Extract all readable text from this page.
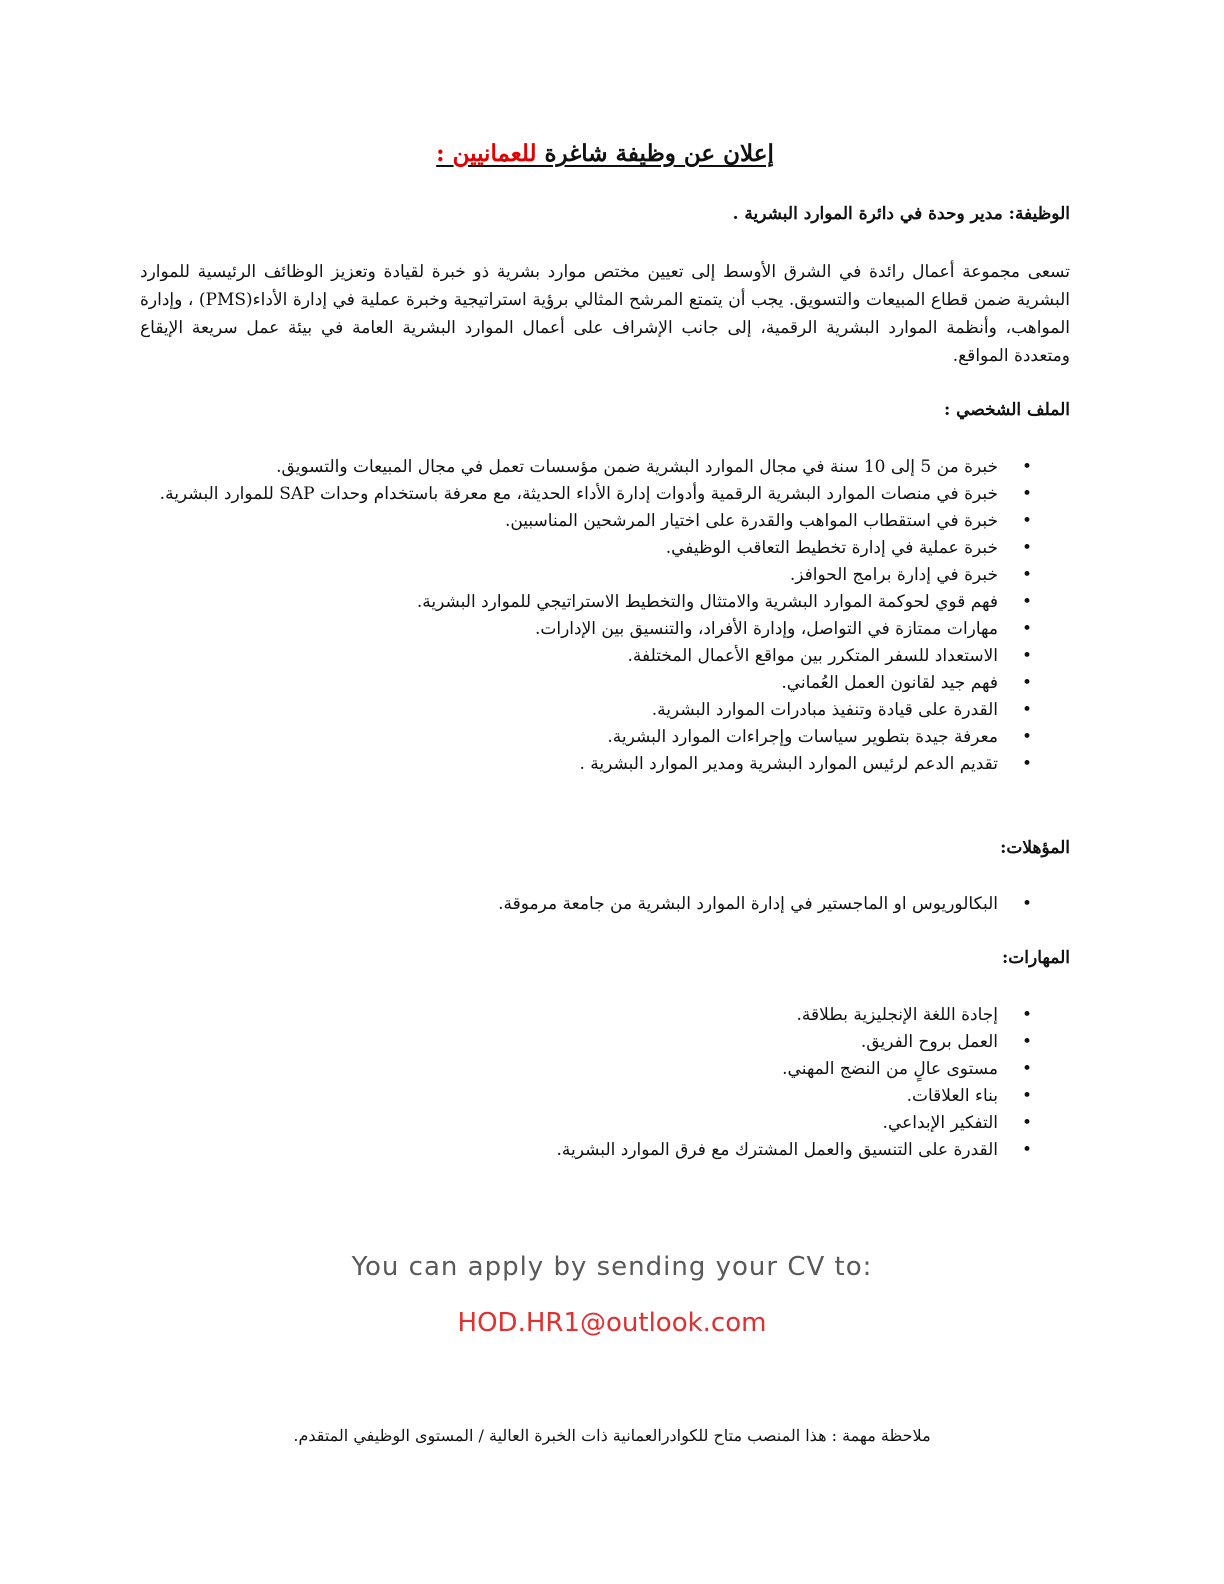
إعلان عن وظيفة شاغرة للعمانيين :
الوظيفة: مدير وحدة في دائرة الموارد البشرية .
تسعى مجموعة أعمال رائدة في الشرق الأوسط إلى تعيين مختص موارد بشرية ذو خبرة لقيادة وتعزيز الوظائف الرئيسية للموارد البشرية ضمن قطاع المبيعات والتسويق. يجب أن يتمتع المرشح المثالي برؤية استراتيجية وخبرة عملية في إدارة الأداء(PMS) ، وإدارة المواهب، وأنظمة الموارد البشرية الرقمية، إلى جانب الإشراف على أعمال الموارد البشرية العامة في بيئة عمل سريعة الإيقاع ومتعددة المواقع.
الملف الشخصي :
• خبرة من 5 إلى 10 سنة في مجال الموارد البشرية ضمن مؤسسات تعمل في مجال المبيعات والتسويق.
• خبرة في منصات الموارد البشرية الرقمية وأدوات إدارة الأداء الحديثة، مع معرفة باستخدام وحدات SAP للموارد البشرية.
• خبرة في استقطاب المواهب والقدرة على اختيار المرشحين المناسبين.
• خبرة عملية في إدارة تخطيط التعاقب الوظيفي.
• خبرة في إدارة برامج الحوافز.
• فهم قوي لحوكمة الموارد البشرية والامتثال والتخطيط الاستراتيجي للموارد البشرية.
• مهارات ممتازة في التواصل، وإدارة الأفراد، والتنسيق بين الإدارات.
• الاستعداد للسفر المتكرر بين مواقع الأعمال المختلفة.
• فهم جيد لقانون العمل العُماني.
• القدرة على قيادة وتنفيذ مبادرات الموارد البشرية.
• معرفة جيدة بتطوير سياسات وإجراءات الموارد البشرية.
• تقديم الدعم لرئيس الموارد البشرية ومدير الموارد البشرية .
المؤهلات:
• البكالوريوس او الماجستير في إدارة الموارد البشرية من جامعة مرموقة.
المهارات:
• إجادة اللغة الإنجليزية بطلاقة.
• العمل بروح الفريق.
• مستوى عالٍ من النضج المهني.
• بناء العلاقات.
• التفكير الإبداعي.
• القدرة على التنسيق والعمل المشترك مع فرق الموارد البشرية.
You can apply by sending your CV to:
HOD.HR1@outlook.com
ملاحظة مهمة : هذا المنصب متاح للكوادرالعمانية ذات الخبرة العالية / المستوى الوظيفي المتقدم.
